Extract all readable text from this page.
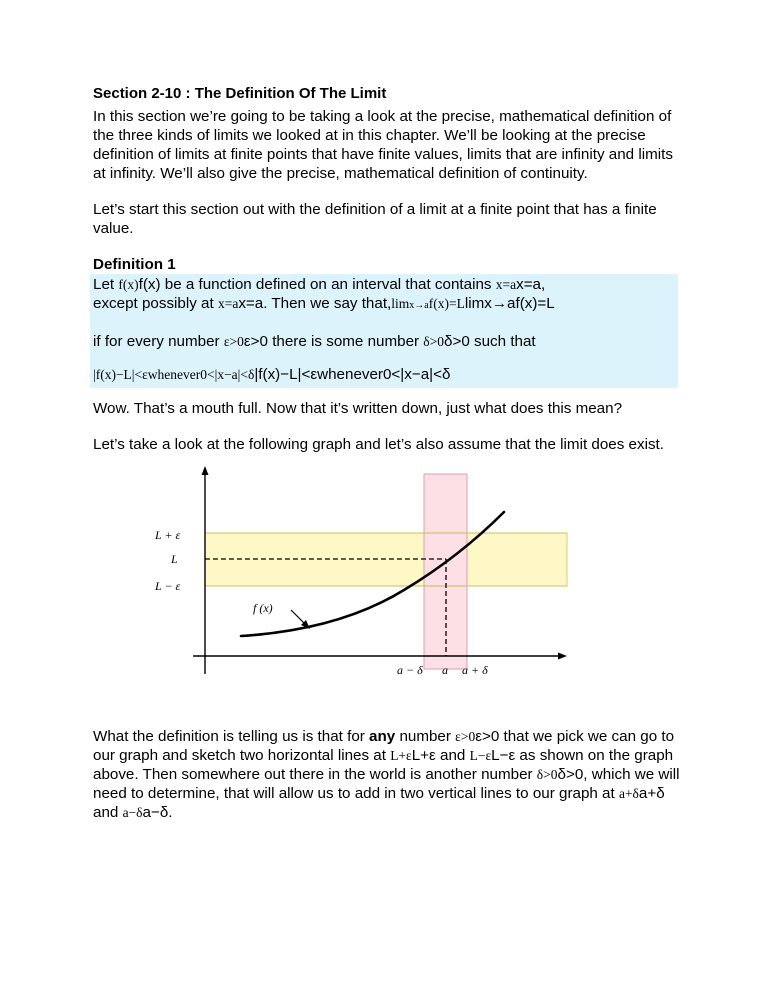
Section 2-10 : The Definition Of The Limit

In this section we’re going to be taking a look at the precise, mathematical definition of the three kinds of limits we looked at in this chapter. We’ll be looking at the precise definition of limits at finite points that have finite values, limits that are infinity and limits at infinity. We’ll also give the precise, mathematical definition of continuity.

Let’s start this section out with the definition of a limit at a finite point that has a finite value.

Definition 1

Let f(x)f(x) be a function defined on an interval that contains x=ax=a,

except possibly at x=ax=a. Then we say that,limx→af(x)=Llimx→af(x)=L

if for every number ε>0ε>0 there is some number δ>0δ>0 such that

|f(x)−L|<εwhenever0<|x−a|<δ|f(x)−L|<εwhenever0<|x−a|<δ

Wow. That’s a mouth full. Now that it’s written down, just what does this mean?

Let’s take a look at the following graph and let’s also assume that the limit does exist.

L + ε
L
L − ε
f (x)
a − δ a a + δ

What the definition is telling us is that for any number ε>0ε>0 that we pick we can go to our graph and sketch two horizontal lines at L+εL+ε and L−εL−ε as shown on the graph above. Then somewhere out there in the world is another number δ>0δ>0, which we will need to determine, that will allow us to add in two vertical lines to our graph at a+δa+δ and a−δa−δ.
